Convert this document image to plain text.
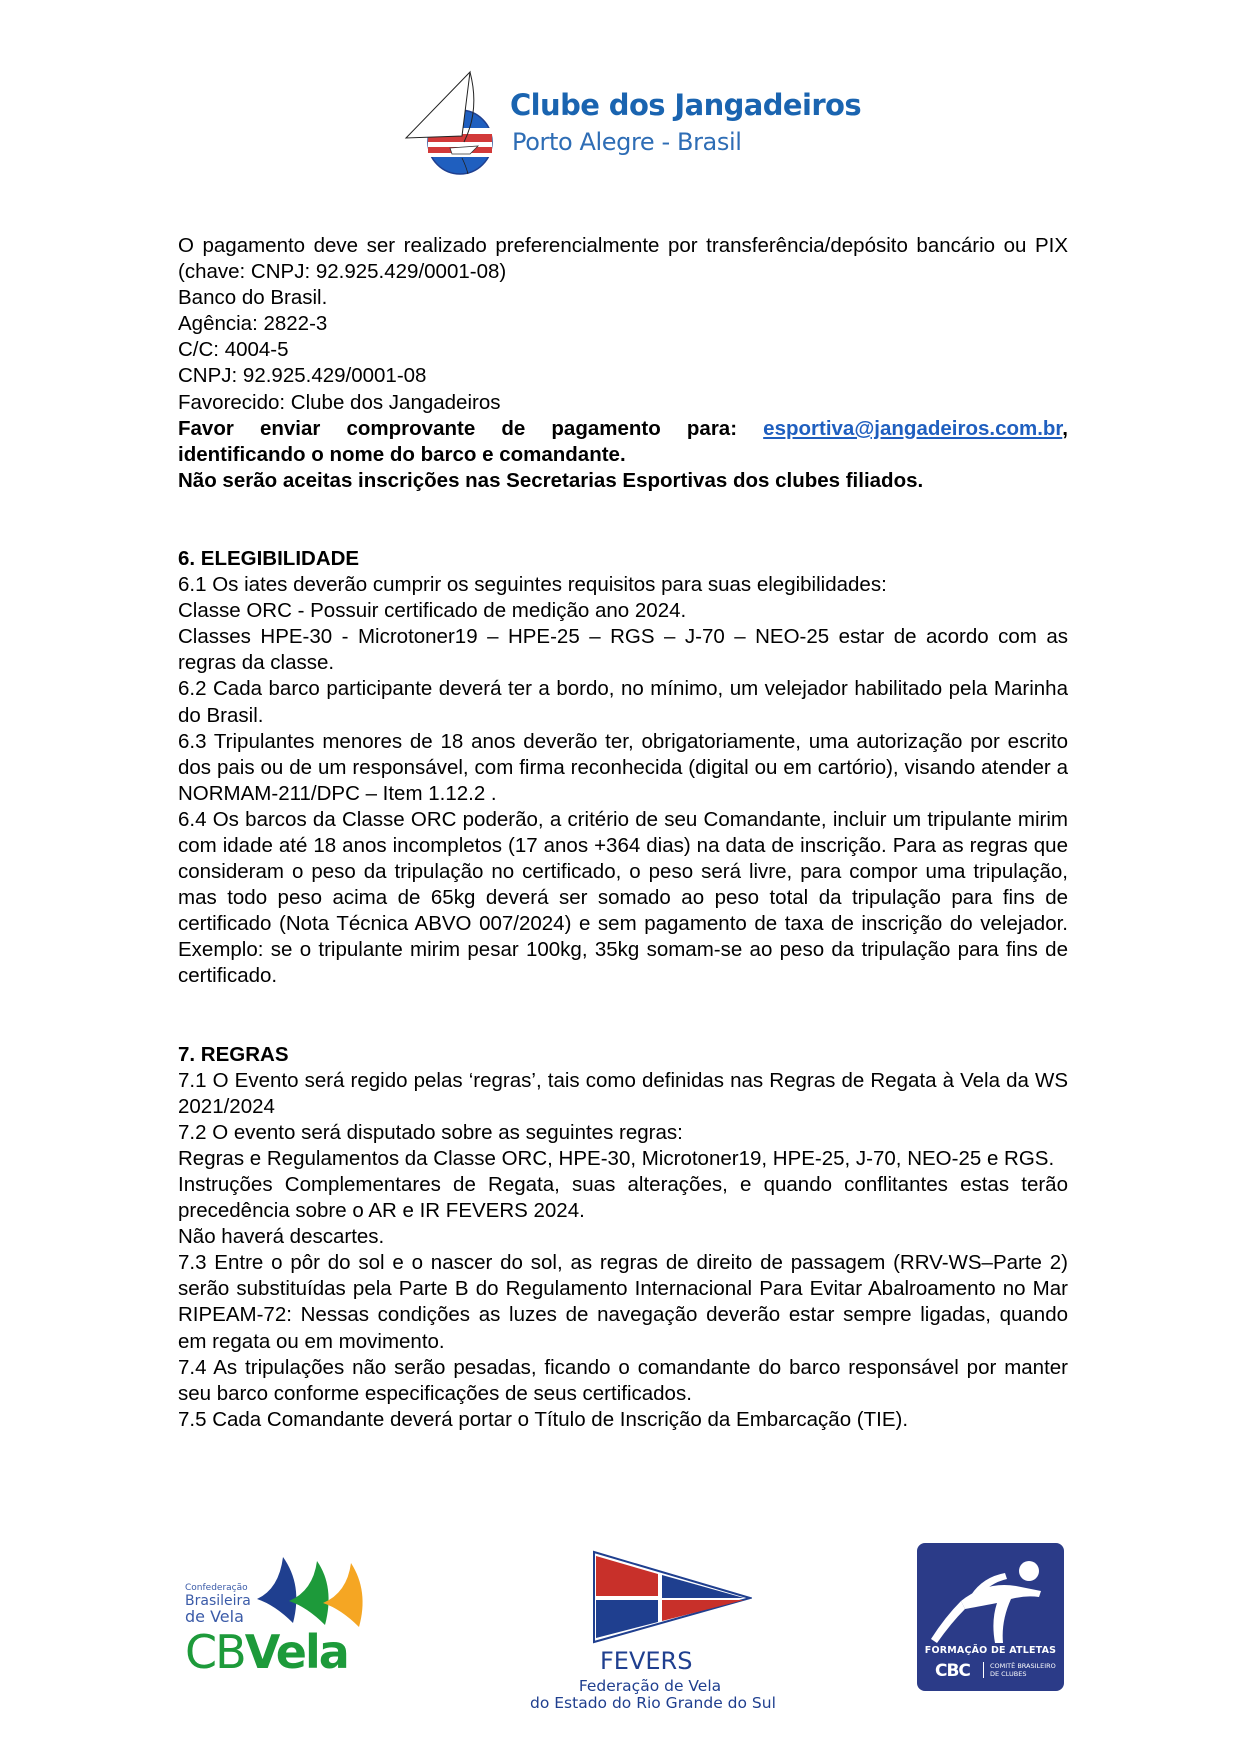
Clube dos Jangadeiros
Porto Alegre - Brasil

O pagamento deve ser realizado preferencialmente por transferência/depósito bancário ou PIX (chave: CNPJ: 92.925.429/0001-08)

Banco do Brasil.

Agência: 2822-3

C/C: 4004-5

CNPJ: 92.925.429/0001-08

Favorecido: Clube dos Jangadeiros

Favor enviar comprovante de pagamento para: esportiva@jangadeiros.com.br, identificando o nome do barco e comandante.

Não serão aceitas inscrições nas Secretarias Esportivas dos clubes filiados.

6. ELEGIBILIDADE

6.1 Os iates deverão cumprir os seguintes requisitos para suas elegibilidades:

Classe ORC - Possuir certificado de medição ano 2024.

Classes HPE-30 - Microtoner19 – HPE-25 – RGS – J-70 – NEO-25 estar de acordo com as regras da classe.

6.2 Cada barco participante deverá ter a bordo, no mínimo, um velejador habilitado pela Marinha do Brasil.

6.3 Tripulantes menores de 18 anos deverão ter, obrigatoriamente, uma autorização por escrito dos pais ou de um responsável, com firma reconhecida (digital ou em cartório), visando atender a NORMAM-211/DPC – Item 1.12.2 .

6.4 Os barcos da Classe ORC poderão, a critério de seu Comandante, incluir um tripulante mirim com idade até 18 anos incompletos (17 anos +364 dias) na data de inscrição. Para as regras que consideram o peso da tripulação no certificado, o peso será livre, para compor uma tripulação, mas todo peso acima de 65kg deverá ser somado ao peso total da tripulação para fins de certificado (Nota Técnica ABVO 007/2024) e sem pagamento de taxa de inscrição do velejador. Exemplo: se o tripulante mirim pesar 100kg, 35kg somam-se ao peso da tripulação para fins de certificado.

7. REGRAS

7.1 O Evento será regido pelas ‘regras’, tais como definidas nas Regras de Regata à Vela da WS 2021/2024

7.2 O evento será disputado sobre as seguintes regras:

Regras e Regulamentos da Classe ORC, HPE-30, Microtoner19, HPE-25, J-70, NEO-25 e RGS.

Instruções Complementares de Regata, suas alterações, e quando conflitantes estas terão precedência sobre o AR e IR FEVERS 2024.

Não haverá descartes.

7.3 Entre o pôr do sol e o nascer do sol, as regras de direito de passagem (RRV-WS–Parte 2) serão substituídas pela Parte B do Regulamento Internacional Para Evitar Abalroamento no Mar RIPEAM-72: Nessas condições as luzes de navegação deverão estar sempre ligadas, quando em regata ou em movimento.

7.4 As tripulações não serão pesadas, ficando o comandante do barco responsável por manter seu barco conforme especificações de seus certificados.

7.5 Cada Comandante deverá portar o Título de Inscrição da Embarcação (TIE).

Confederação
Brasileira
de Vela
CBVela	FEVERS
Federação de Vela
do Estado do Rio Grande do Sul
FORMAÇÃO DE ATLETAS
CBC	COMITÊ BRASILEIRO
DE CLUBES
